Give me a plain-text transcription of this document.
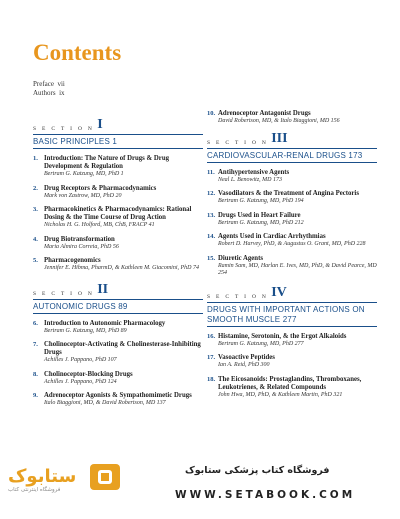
Contents
Preface vii
Authors ix
S E C T I O N I
BASIC PRINCIPLES 1
1. Introduction: The Nature of Drugs & Drug Development & Regulation
Bertram G. Katzung, MD, PhD 1
2. Drug Receptors & Pharmacodynamics
Mark von Zastrow, MD, PhD 20
3. Pharmacokinetics & Pharmacodynamics: Rational Dosing & the Time Course of Drug Action
Nicholas H. G. Holford, MB, ChB, FRACP 41
4. Drug Biotransformation
Maria Almira Correia, PhD 56
5. Pharmacogenomics
Jennifer E. Hibma, PharmD, & Kathleen M. Giacomini, PhD 74
S E C T I O N II
AUTONOMIC DRUGS 89
6. Introduction to Autonomic Pharmacology
Bertram G. Katzung, MD, PhD 89
7. Cholinoceptor-Activating & Cholinesterase-Inhibiting Drugs
Achilles J. Pappano, PhD 107
8. Cholinoceptor-Blocking Drugs
Achilles J. Pappano, PhD 124
9. Adrenoceptor Agonists & Sympathomimetic Drugs
Italo Biaggioni, MD, & David Robertson, MD 137
10. Adrenoceptor Antagonist Drugs
David Robertson, MD, & Italo Biaggioni, MD 156
S E C T I O N III
CARDIOVASCULAR-RENAL DRUGS 173
11. Antihypertensive Agents
Neal L. Benowitz, MD 173
12. Vasodilators & the Treatment of Angina Pectoris
Bertram G. Katzung, MD, PhD 194
13. Drugs Used in Heart Failure
Bertram G. Katzung, MD, PhD 212
14. Agents Used in Cardiac Arrhythmias
Robert D. Harvey, PhD, & Augustus O. Grant, MD, PhD 228
15. Diuretic Agents
Ramin Sam, MD, Harlan E. Ives, MD, PhD, & David Pearce, MD 254
S E C T I O N IV
DRUGS WITH IMPORTANT ACTIONS ON SMOOTH MUSCLE 277
16. Histamine, Serotonin, & the Ergot Alkaloids
Bertram G. Katzung, MD, PhD 277
17. Vasoactive Peptides
Ian A. Reid, PhD 300
18. The Eicosanoids: Prostaglandins, Thromboxanes, Leukotrienes, & Related Compounds
John Hwa, MD, PhD, & Kathleen Martin, PhD 321
ستابوک
فروشگاه اینترنتی کتاب
فروشگاه کتاب پزشکی ستابوک
WWW.SETABOOK.COM
